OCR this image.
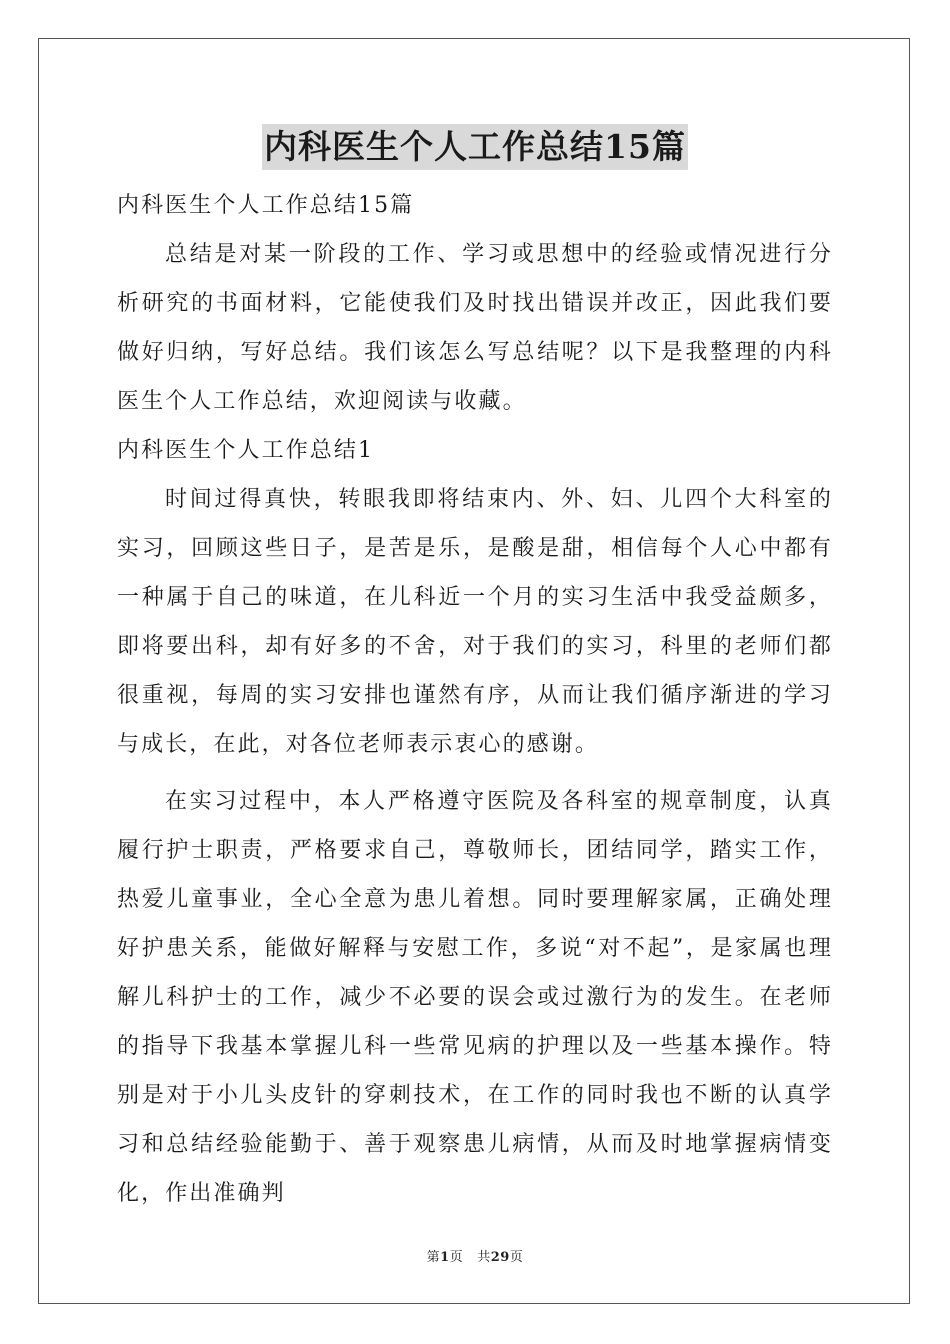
内科医生个人工作总结15篇

内科医生个人工作总结15篇

总结是对某一阶段的工作、学习或思想中的经验或情况进行分析研究的书面材料，它能使我们及时找出错误并改正，因此我们要做好归纳，写好总结。我们该怎么写总结呢？以下是我整理的内科医生个人工作总结，欢迎阅读与收藏。

内科医生个人工作总结1

时间过得真快，转眼我即将结束内、外、妇、儿四个大科室的实习，回顾这些日子，是苦是乐，是酸是甜，相信每个人心中都有一种属于自己的味道，在儿科近一个月的实习生活中我受益颇多，即将要出科，却有好多的不舍，对于我们的实习，科里的老师们都很重视，每周的实习安排也谨然有序，从而让我们循序渐进的学习与成长，在此，对各位老师表示衷心的感谢。

在实习过程中，本人严格遵守医院及各科室的规章制度，认真履行护士职责，严格要求自己，尊敬师长，团结同学，踏实工作，热爱儿童事业，全心全意为患儿着想。同时要理解家属，正确处理好护患关系，能做好解释与安慰工作，多说“对不起”，是家属也理解儿科护士的工作，减少不必要的误会或过激行为的发生。在老师的指导下我基本掌握儿科一些常见病的护理以及一些基本操作。特别是对于小儿头皮针的穿刺技术，在工作的同时我也不断的认真学习和总结经验能勤于、善于观察患儿病情，从而及时地掌握病情变化，作出准确判

第1页 共29页
